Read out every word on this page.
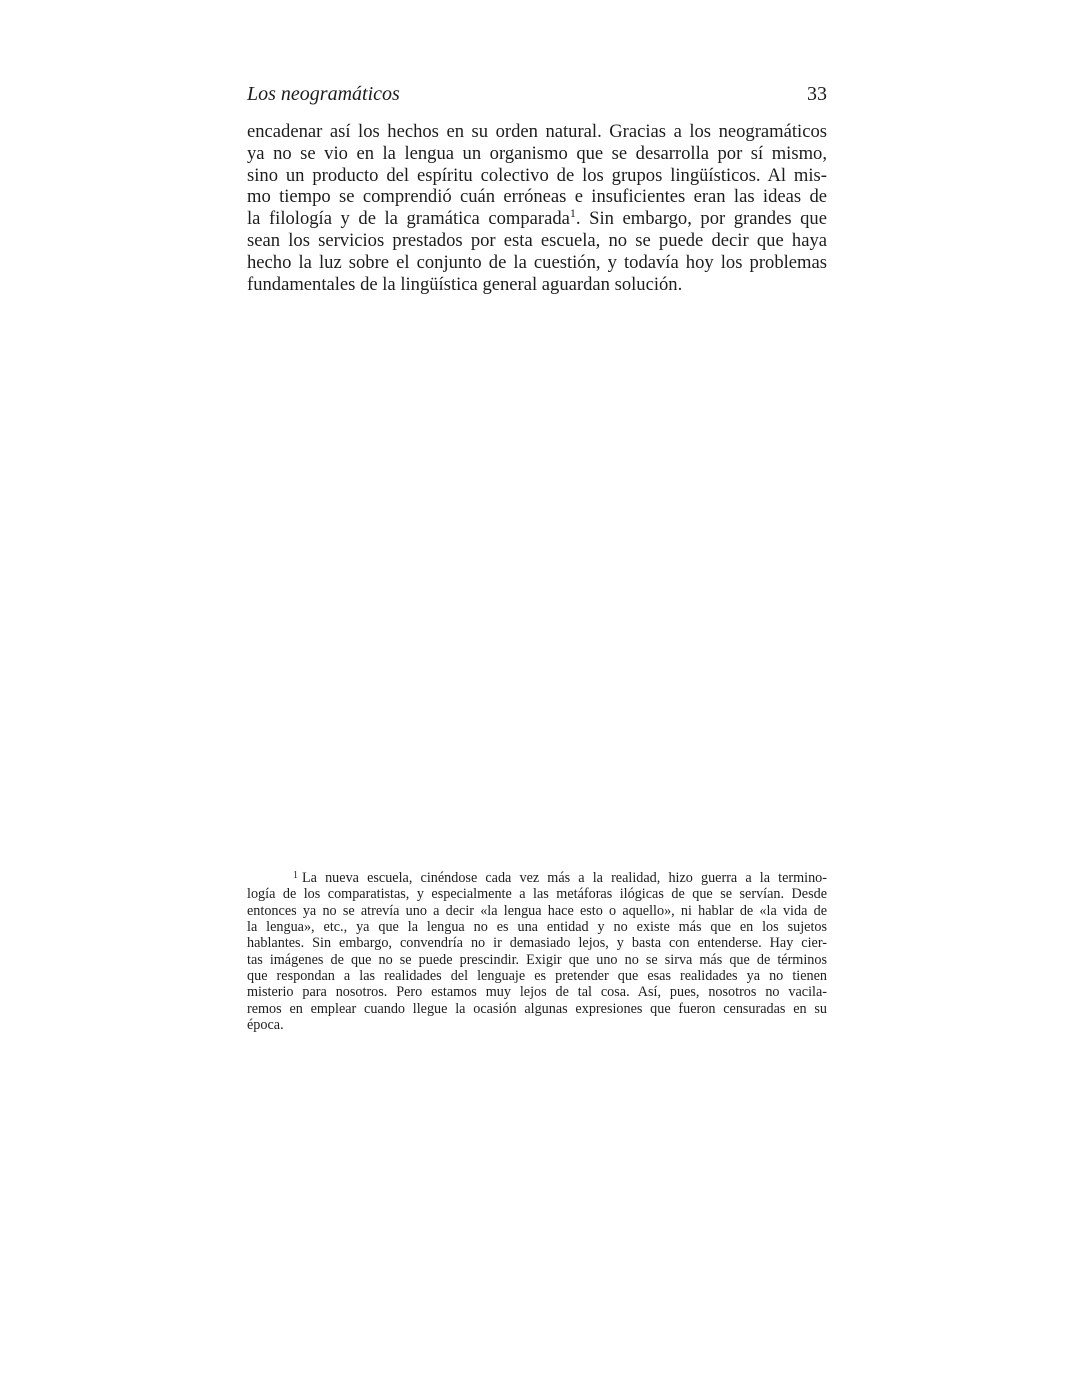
Los neogramáticos	33
encadenar así los hechos en su orden natural. Gracias a los neogramáticos
ya no se vio en la lengua un organismo que se desarrolla por sí mismo,
sino un producto del espíritu colectivo de los grupos lingüísticos. Al mis-
mo tiempo se comprendió cuán erróneas e insuficientes eran las ideas de
la filología y de la gramática comparada$^1$. Sin embargo, por grandes que
sean los servicios prestados por esta escuela, no se puede decir que haya
hecho la luz sobre el conjunto de la cuestión, y todavía hoy los problemas
fundamentales de la lingüística general aguardan solución.
$^1$ La nueva escuela, cinéndose cada vez más a la realidad, hizo guerra a la termino-
logía de los comparatistas, y especialmente a las metáforas ilógicas de que se servían. Desde
entonces ya no se atrevía uno a decir «la lengua hace esto o aquello», ni hablar de «la vida de
la lengua», etc., ya que la lengua no es una entidad y no existe más que en los sujetos
hablantes. Sin embargo, convendría no ir demasiado lejos, y basta con entenderse. Hay cier-
tas imágenes de que no se puede prescindir. Exigir que uno no se sirva más que de términos
que respondan a las realidades del lenguaje es pretender que esas realidades ya no tienen
misterio para nosotros. Pero estamos muy lejos de tal cosa. Así, pues, nosotros no vacila-
remos en emplear cuando llegue la ocasión algunas expresiones que fueron censuradas en su
época.
